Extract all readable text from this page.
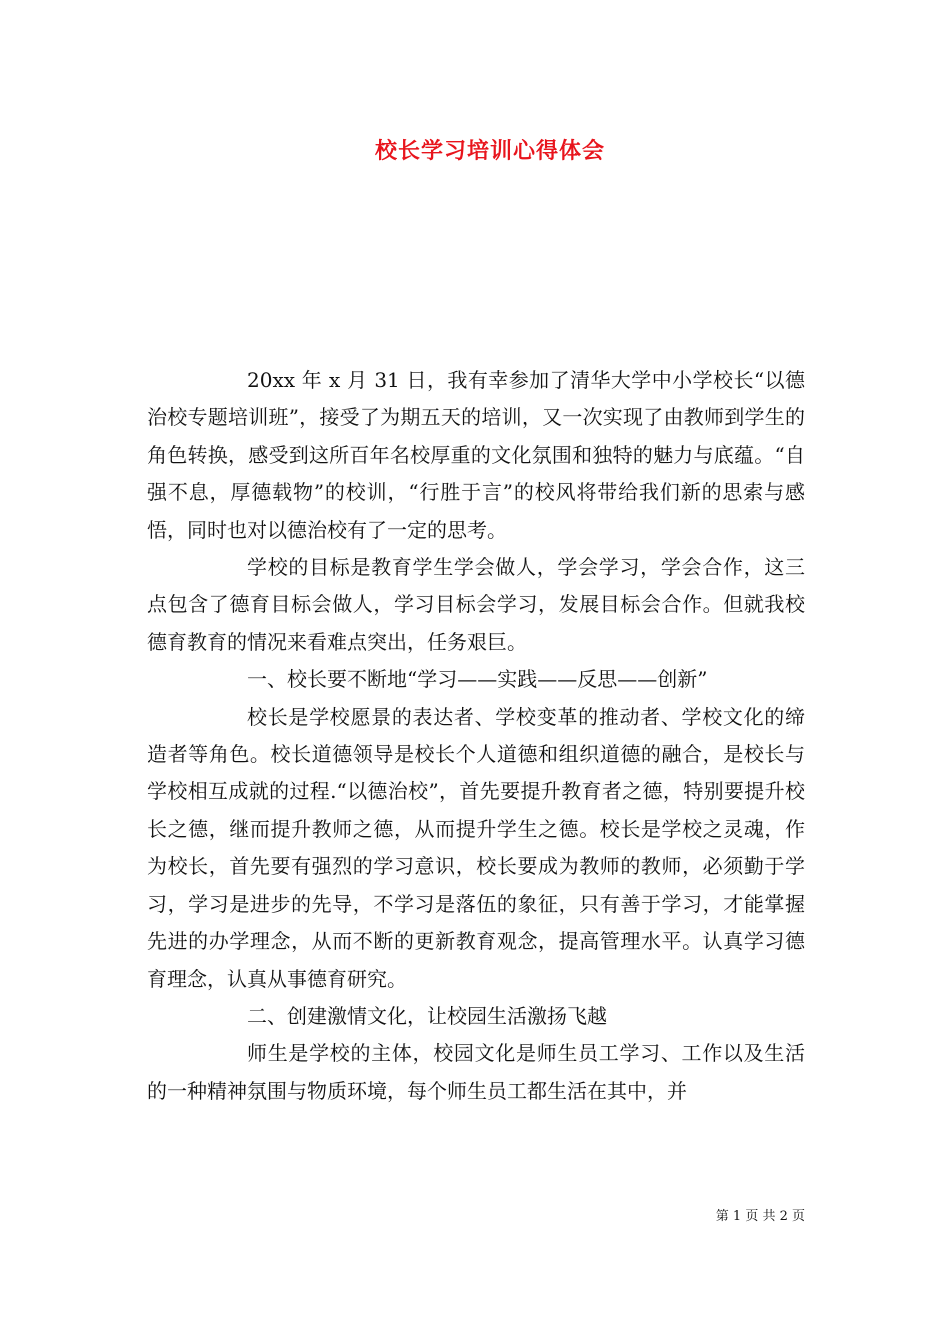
校长学习培训心得体会

20xx 年 x 月 31 日，我有幸参加了清华大学中小学校长“以德治校专题培训班”，接受了为期五天的培训，又一次实现了由教师到学生的角色转换，感受到这所百年名校厚重的文化氛围和独特的魅力与底蕴。“自强不息，厚德载物”的校训，“行胜于言”的校风将带给我们新的思索与感悟，同时也对以德治校有了一定的思考。

学校的目标是教育学生学会做人，学会学习，学会合作，这三点包含了德育目标会做人，学习目标会学习，发展目标会合作。但就我校德育教育的情况来看难点突出，任务艰巨。

一、校长要不断地“学习——实践——反思——创新”

校长是学校愿景的表达者、学校变革的推动者、学校文化的缔造者等角色。校长道德领导是校长个人道德和组织道德的融合，是校长与学校相互成就的过程.“以德治校”，首先要提升教育者之德，特别要提升校长之德，继而提升教师之德，从而提升学生之德。校长是学校之灵魂，作为校长，首先要有强烈的学习意识，校长要成为教师的教师，必须勤于学习，学习是进步的先导，不学习是落伍的象征，只有善于学习，才能掌握先进的办学理念，从而不断的更新教育观念，提高管理水平。认真学习德育理念，认真从事德育研究。

二、创建激情文化，让校园生活激扬飞越

师生是学校的主体，校园文化是师生员工学习、工作以及生活的一种精神氛围与物质环境，每个师生员工都生活在其中，并

第 1 页 共 2 页
